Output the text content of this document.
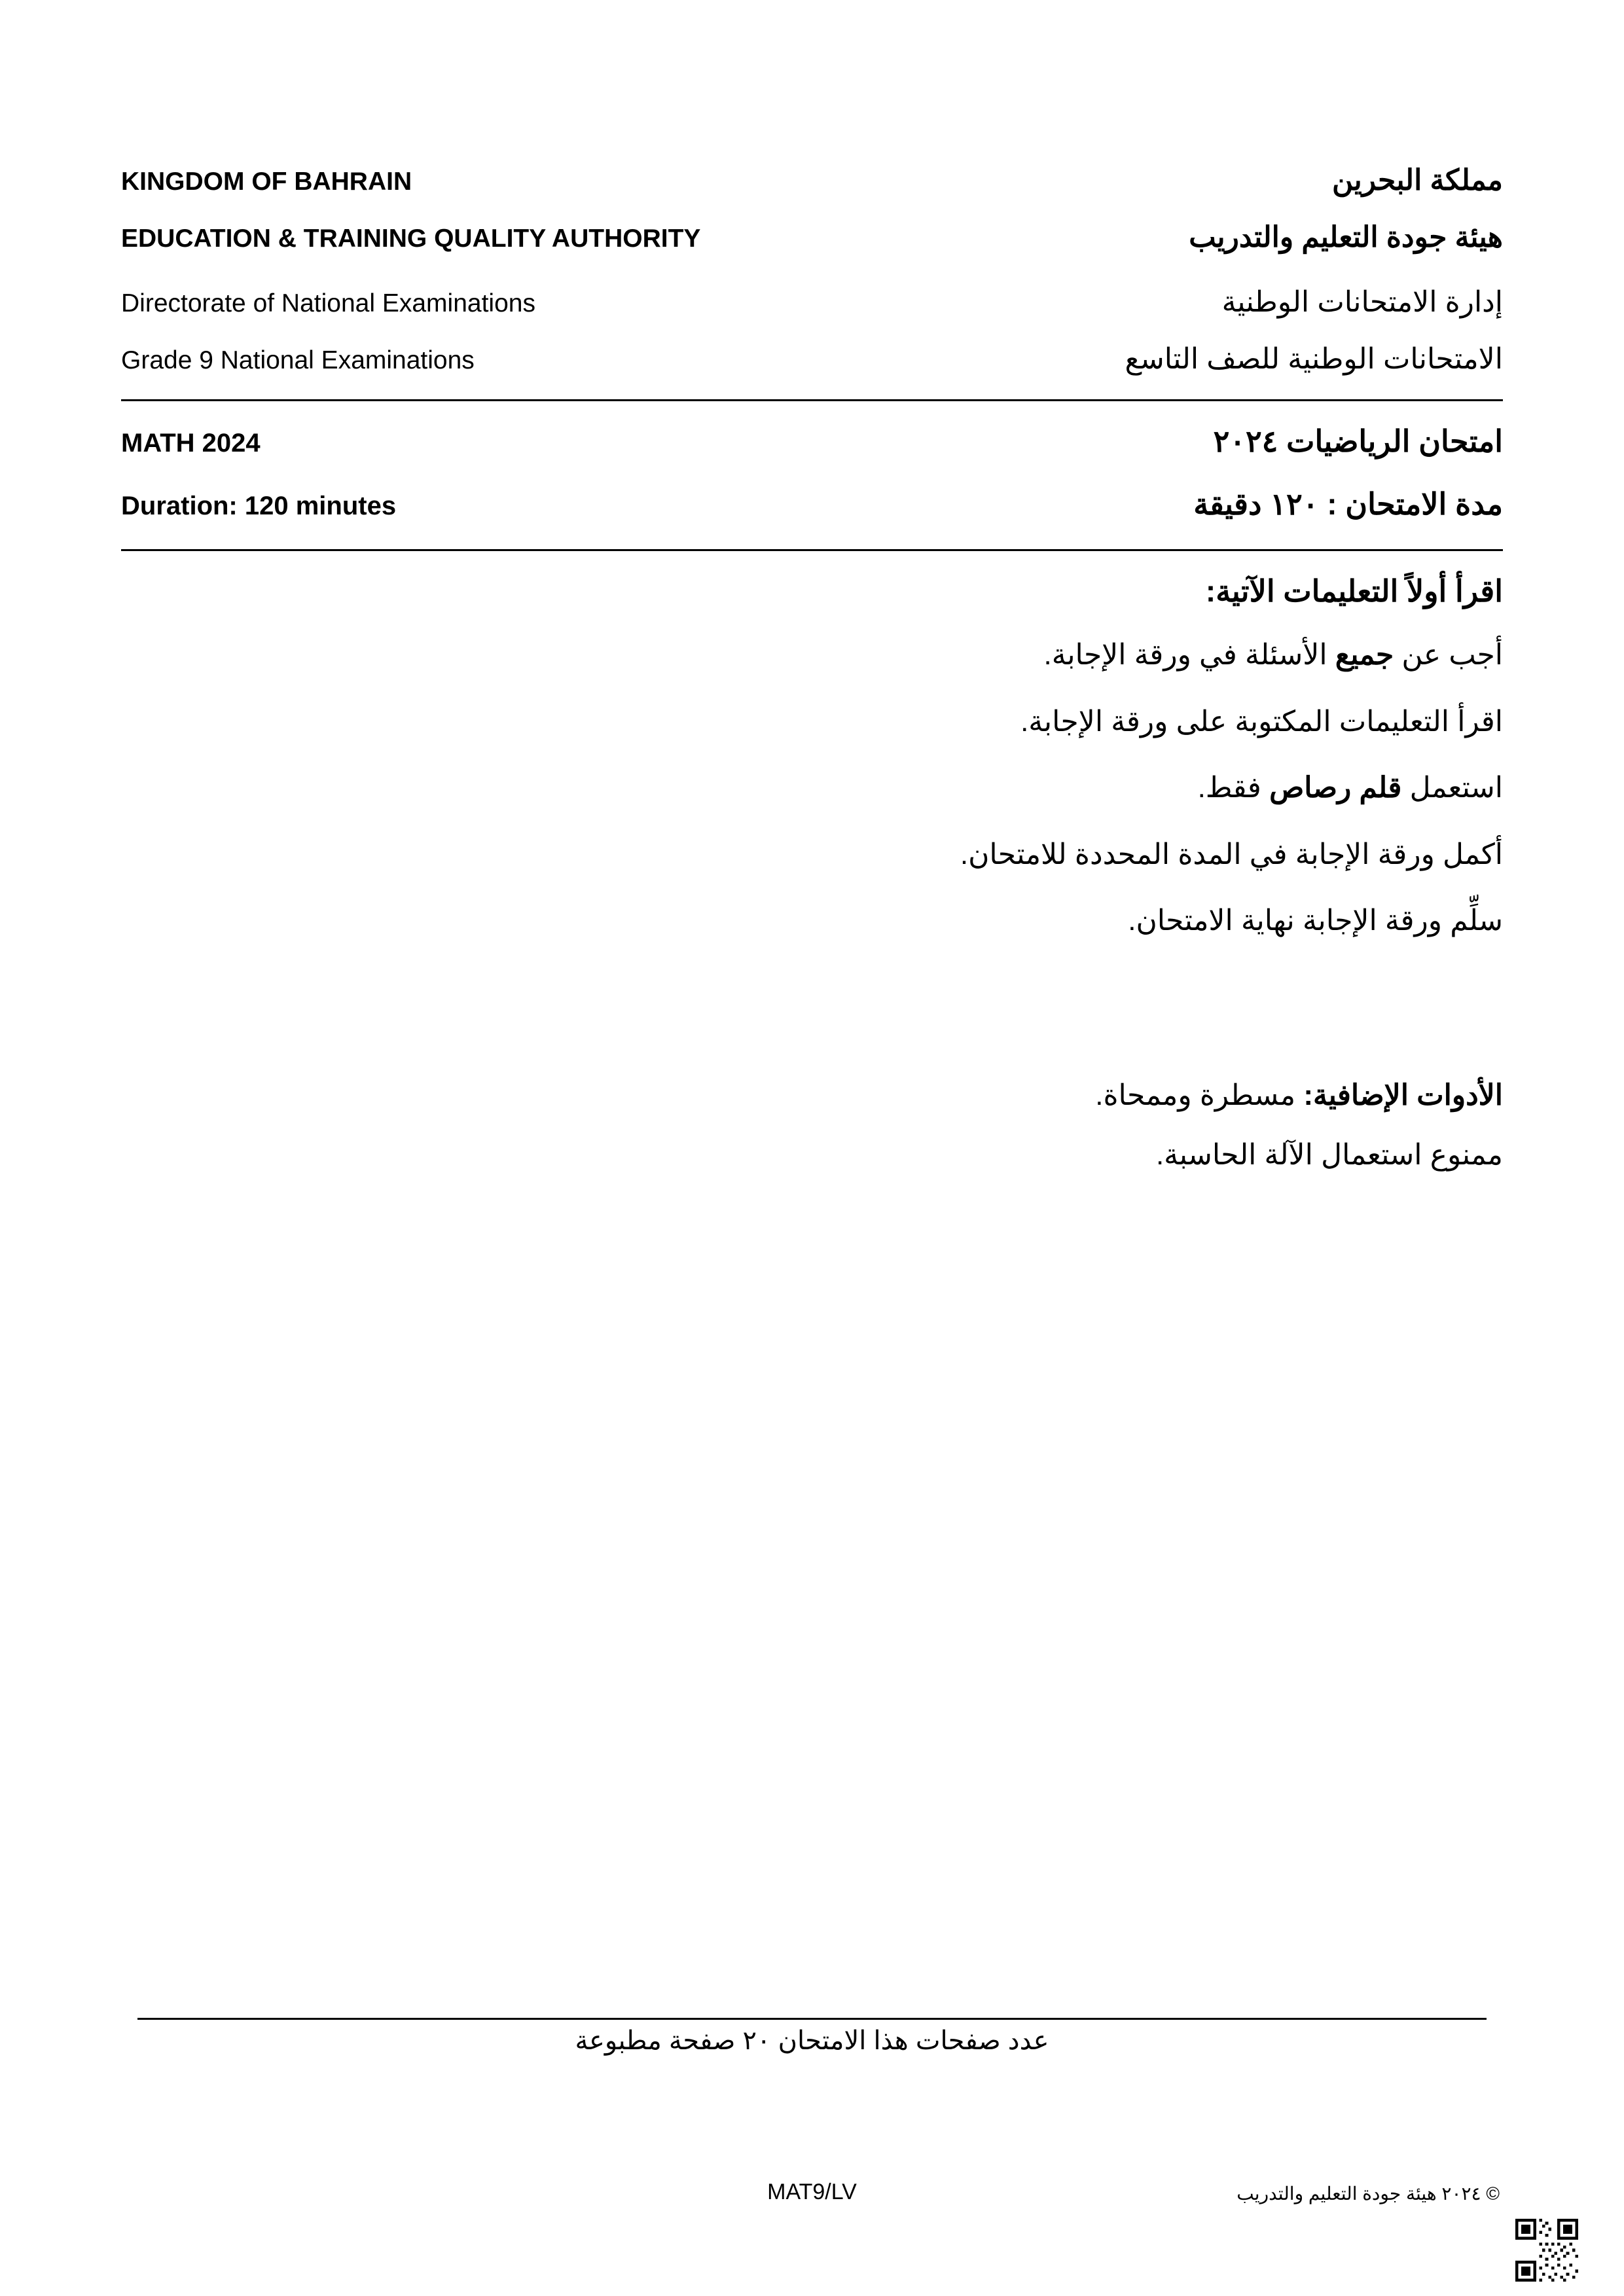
KINGDOM OF BAHRAIN	مملكة البحرين
EDUCATION & TRAINING QUALITY AUTHORITY	هيئة جودة التعليم والتدريب
Directorate of National Examinations	إدارة الامتحانات الوطنية
Grade 9 National Examinations	الامتحانات الوطنية للصف التاسع
MATH 2024	امتحان الرياضيات ٢٠٢٤
Duration: 120 minutes	مدة الامتحان : ١٢٠ دقيقة
اقرأ أولاً التعليمات الآتية:
أجب عن جميع الأسئلة في ورقة الإجابة.
اقرأ التعليمات المكتوبة على ورقة الإجابة.
استعمل قلم رصاص فقط.
أكمل ورقة الإجابة في المدة المحددة للامتحان.
سلِّم ورقة الإجابة نهاية الامتحان.
الأدوات الإضافية: مسطرة وممحاة.
ممنوع استعمال الآلة الحاسبة.
عدد صفحات هذا الامتحان ٢٠ صفحة مطبوعة
MAT9/LV	© ٢٠٢٤ هيئة جودة التعليم والتدريب
